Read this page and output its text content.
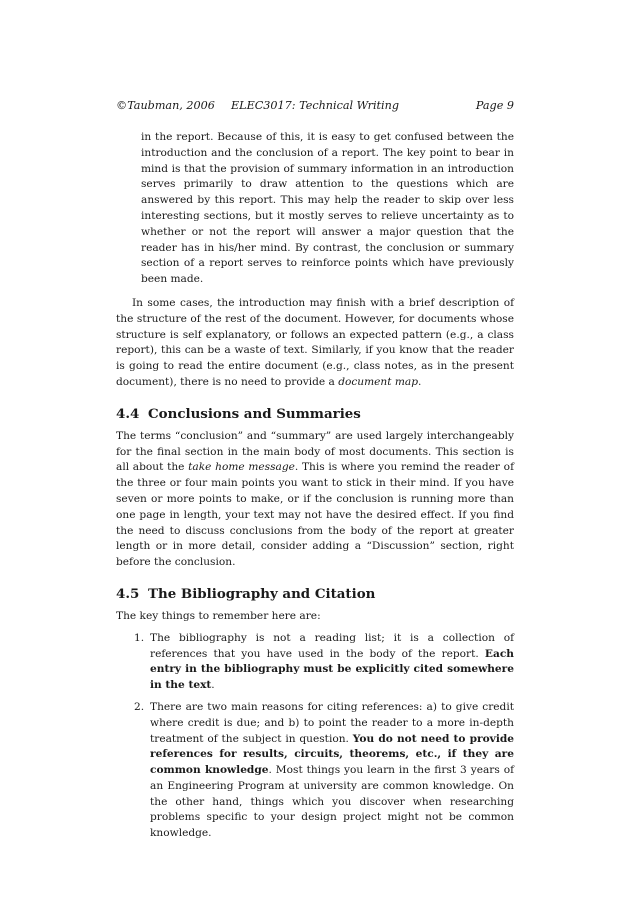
©Taubman, 2006	ELEC3017: Technical Writing	Page 9

in the report. Because of this, it is easy to get confused between the introduction and the conclusion of a report. The key point to bear in mind is that the provision of summary information in an introduction serves primarily to draw attention to the questions which are answered by this report. This may help the reader to skip over less interesting sections, but it mostly serves to relieve uncertainty as to whether or not the report will answer a major question that the reader has in his/her mind. By contrast, the conclusion or summary section of a report serves to reinforce points which have previously been made.

In some cases, the introduction may finish with a brief description of the structure of the rest of the document. However, for documents whose structure is self explanatory, or follows an expected pattern (e.g., a class report), this can be a waste of text. Similarly, if you know that the reader is going to read the entire document (e.g., class notes, as in the present document), there is no need to provide a document map.

4.4 Conclusions and Summaries

The terms “conclusion” and “summary” are used largely interchangeably for the final section in the main body of most documents. This section is all about the take home message. This is where you remind the reader of the three or four main points you want to stick in their mind. If you have seven or more points to make, or if the conclusion is running more than one page in length, your text may not have the desired effect. If you find the need to discuss conclusions from the body of the report at greater length or in more detail, consider adding a “Discussion” section, right before the conclusion.

4.5 The Bibliography and Citation

The key things to remember here are:

1. The bibliography is not a reading list; it is a collection of references that you have used in the body of the report. Each entry in the bibliography must be explicitly cited somewhere in the text.
2. There are two main reasons for citing references: a) to give credit where credit is due; and b) to point the reader to a more in-depth treatment of the subject in question. You do not need to provide references for results, circuits, theorems, etc., if they are common knowledge. Most things you learn in the first 3 years of an Engineering Program at university are common knowledge. On the other hand, things which you discover when researching problems specific to your design project might not be common knowledge.
